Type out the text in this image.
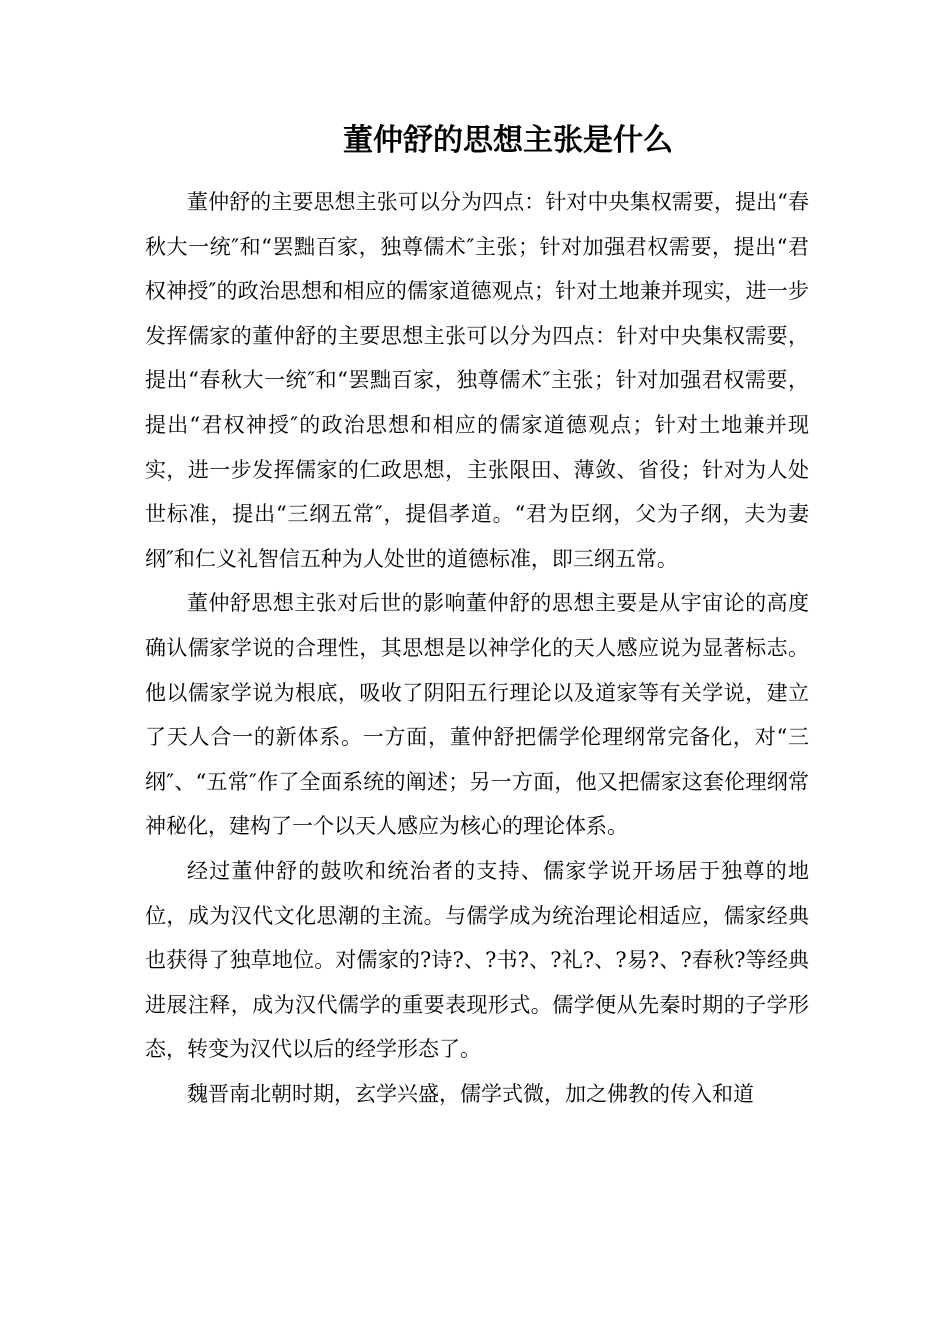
董仲舒的思想主张是什么

董仲舒的主要思想主张可以分为四点：针对中央集权需要，提出“春秋大一统″和“罢黜百家，独尊儒术″主张；针对加强君权需要，提出“君权神授″的政治思想和相应的儒家道德观点；针对土地兼并现实，进一步发挥儒家的董仲舒的主要思想主张可以分为四点：针对中央集权需要，提出“春秋大一统″和“罢黜百家，独尊儒术″主张；针对加强君权需要，提出“君权神授″的政治思想和相应的儒家道德观点；针对土地兼并现实，进一步发挥儒家的仁政思想，主张限田、薄敛、省役；针对为人处世标准，提出“三纲五常″，提倡孝道。“君为臣纲，父为子纲，夫为妻纲″和仁义礼智信五种为人处世的道德标准，即三纲五常。

董仲舒思想主张对后世的影响董仲舒的思想主要是从宇宙论的高度确认儒家学说的合理性，其思想是以神学化的天人感应说为显著标志。他以儒家学说为根底，吸收了阴阳五行理论以及道家等有关学说，建立了天人合一的新体系。一方面，董仲舒把儒学伦理纲常完备化，对“三纲″、“五常″作了全面系统的阐述；另一方面，他又把儒家这套伦理纲常神秘化，建构了一个以天人感应为核心的理论体系。

经过董仲舒的鼓吹和统治者的支持、儒家学说开场居于独尊的地位，成为汉代文化思潮的主流。与儒学成为统治理论相适应，儒家经典也获得了独草地位。对儒家的?诗?、?书?、?礼?、?易?、?春秋?等经典进展注释，成为汉代儒学的重要表现形式。儒学便从先秦时期的子学形态，转变为汉代以后的经学形态了。

魏晋南北朝时期，玄学兴盛，儒学式微，加之佛教的传入和道
